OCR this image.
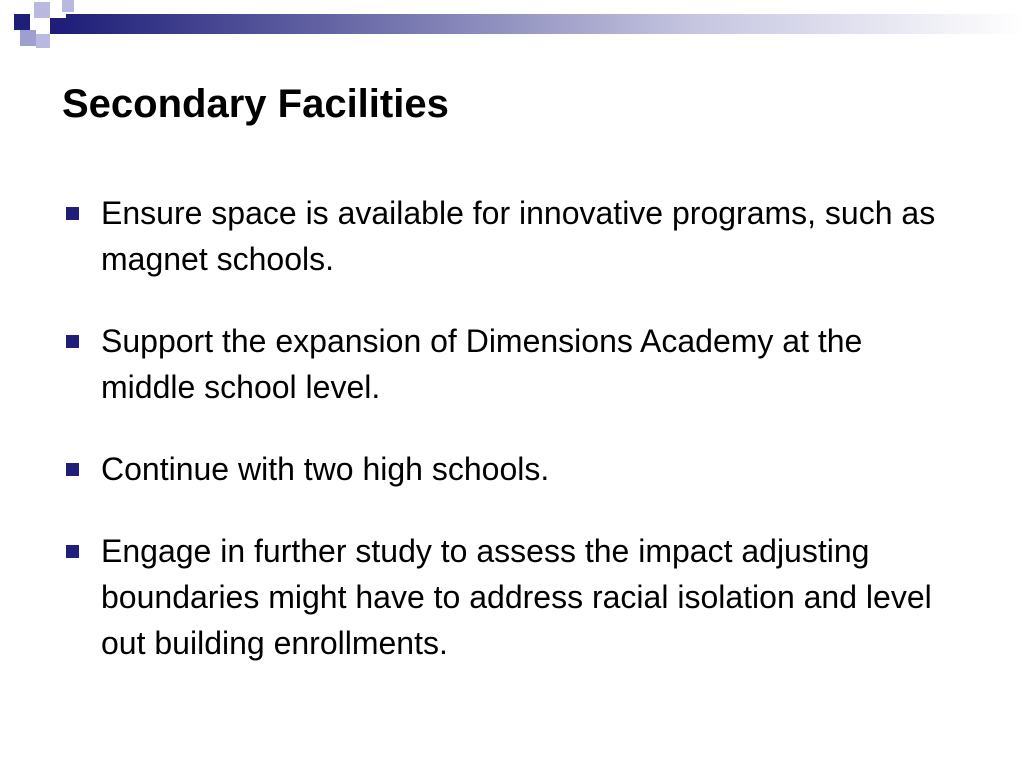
Secondary Facilities
Ensure space is available for innovative programs, such as magnet schools.
Support the expansion of Dimensions Academy at the middle school level.
Continue with two high schools.
Engage in further study to assess the impact adjusting boundaries might have to address racial isolation and level out building enrollments.
